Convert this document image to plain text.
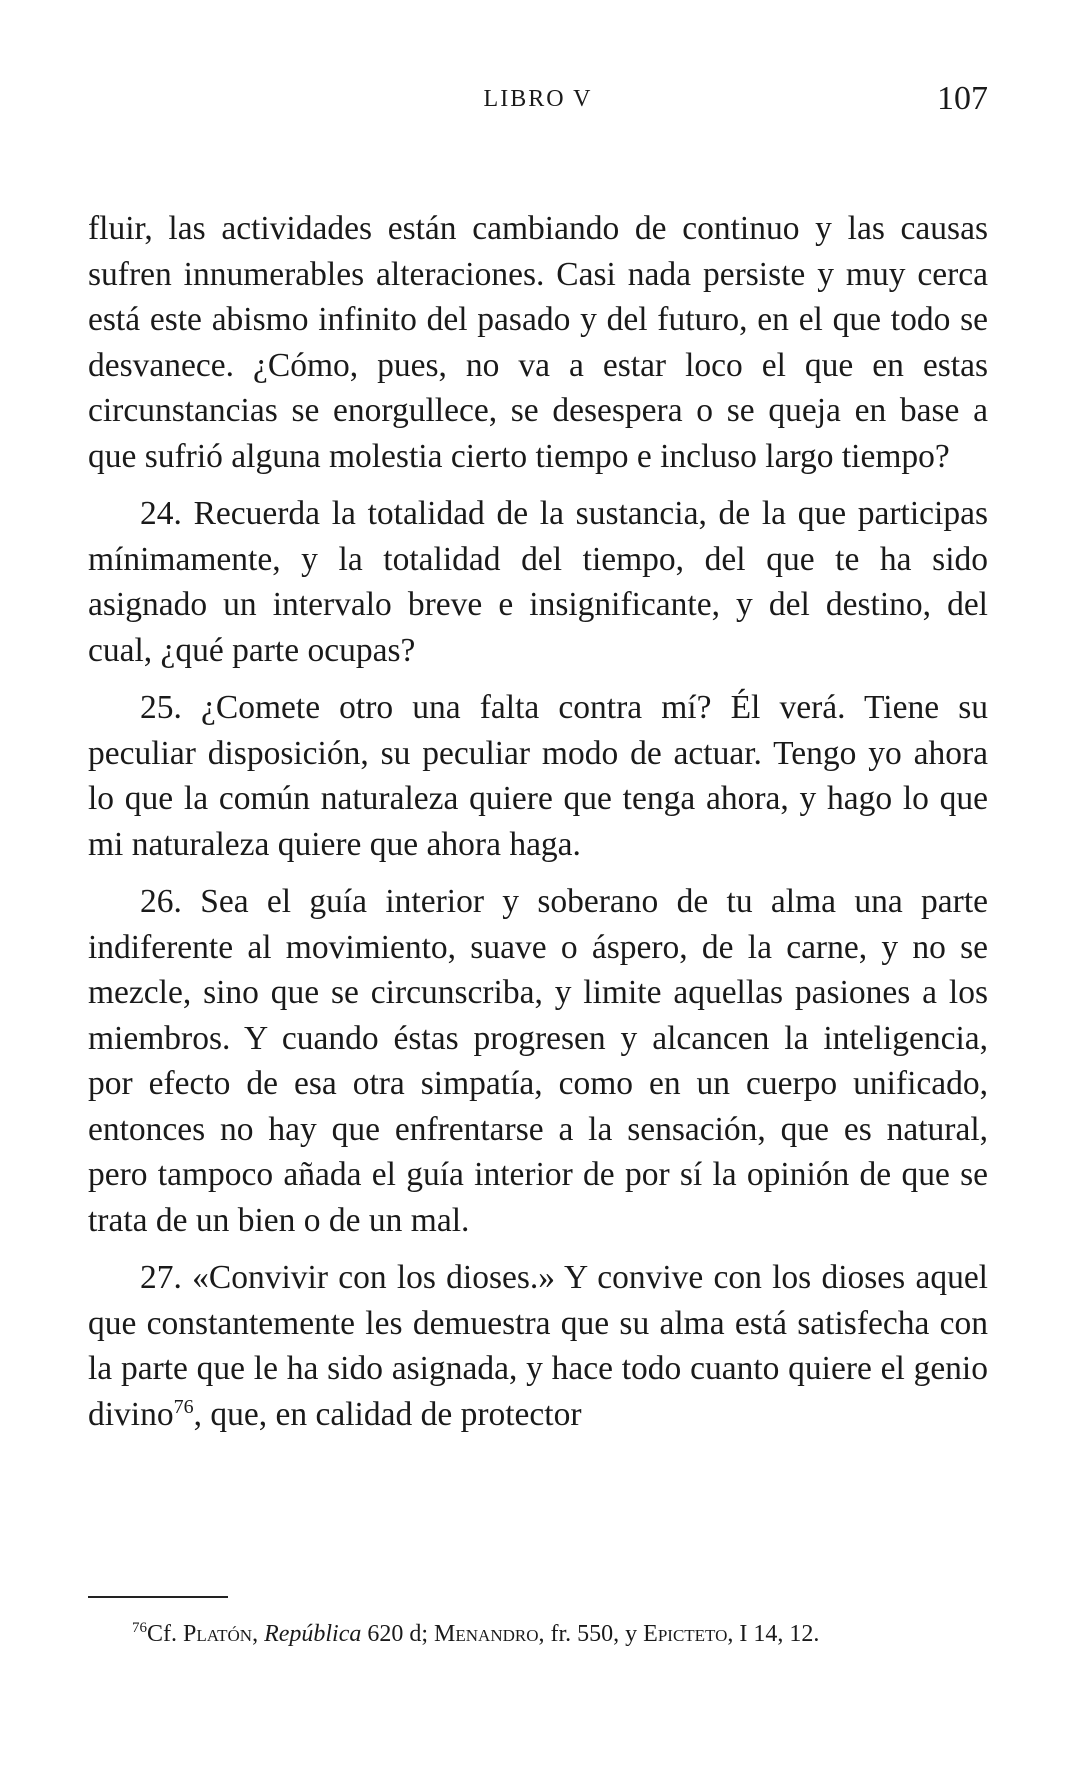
LIBRO V	107

fluir, las actividades están cambiando de continuo y las causas sufren innumerables alteraciones. Casi nada persiste y muy cerca está este abismo infinito del pasado y del futuro, en el que todo se desvanece. ¿Cómo, pues, no va a estar loco el que en estas circunstancias se enorgullece, se desespera o se queja en base a que sufrió alguna molestia cierto tiempo e incluso largo tiempo?

24. Recuerda la totalidad de la sustancia, de la que participas mínimamente, y la totalidad del tiempo, del que te ha sido asignado un intervalo breve e insignificante, y del destino, del cual, ¿qué parte ocupas?

25. ¿Comete otro una falta contra mí? Él verá. Tiene su peculiar disposición, su peculiar modo de actuar. Tengo yo ahora lo que la común naturaleza quiere que tenga ahora, y hago lo que mi naturaleza quiere que ahora haga.

26. Sea el guía interior y soberano de tu alma una parte indiferente al movimiento, suave o áspero, de la carne, y no se mezcle, sino que se circunscriba, y limite aquellas pasiones a los miembros. Y cuando éstas progresen y alcancen la inteligencia, por efecto de esa otra simpatía, como en un cuerpo unificado, entonces no hay que enfrentarse a la sensación, que es natural, pero tampoco añada el guía interior de por sí la opinión de que se trata de un bien o de un mal.

27. «Convivir con los dioses.» Y convive con los dioses aquel que constantemente les demuestra que su alma está satisfecha con la parte que le ha sido asignada, y hace todo cuanto quiere el genio divino$^{76}$, que, en calidad de protector

$^{76}$Cf. Platón, República 620 d; Menandro, fr. 550, y Epicteto, I 14, 12.
